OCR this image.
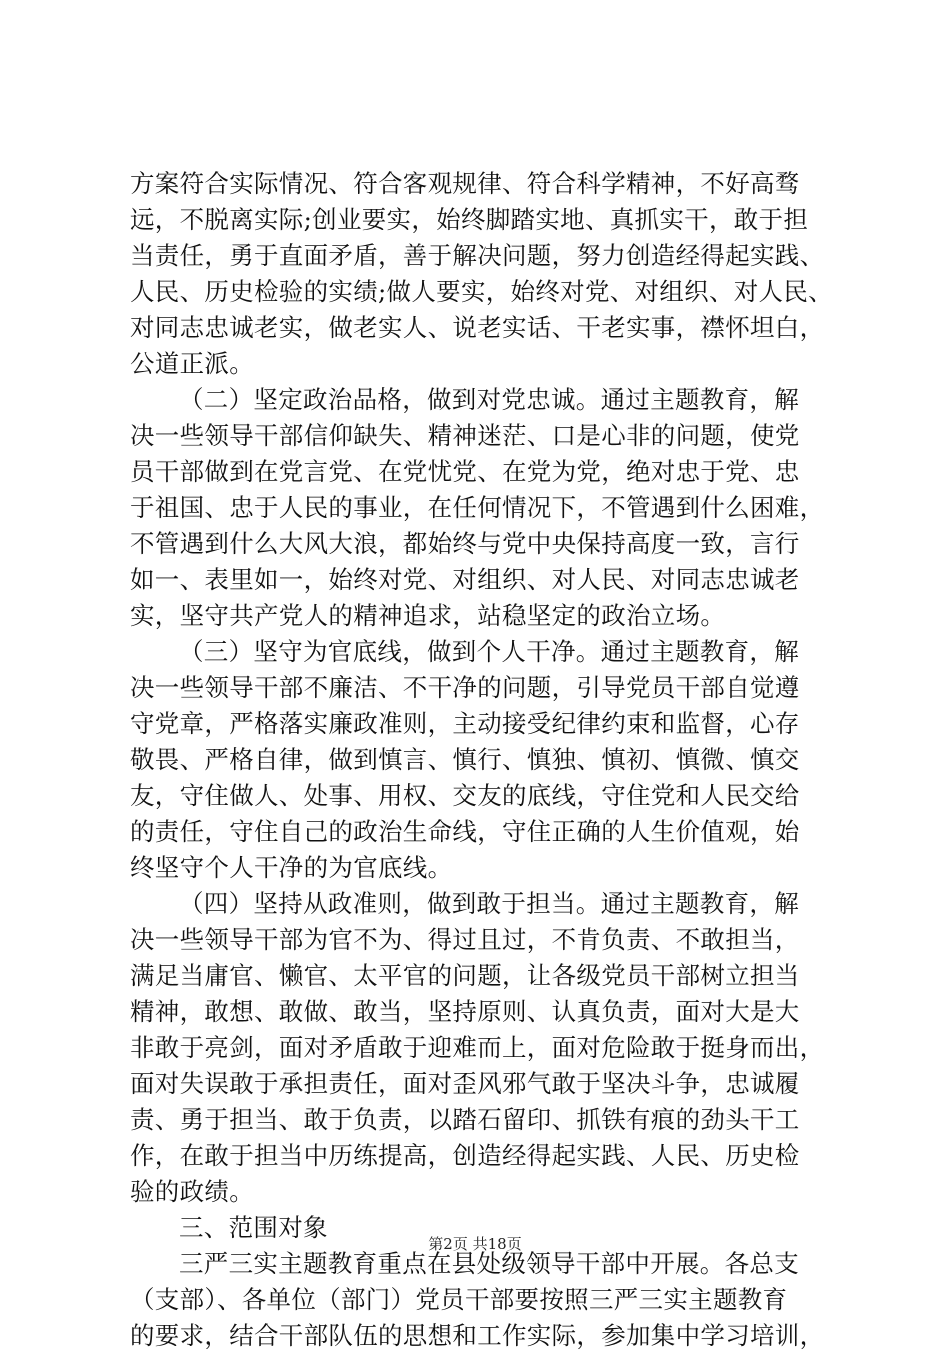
方案符合实际情况、符合客观规律、符合科学精神，不好高骛
远，不脱离实际;创业要实，始终脚踏实地、真抓实干，敢于担
当责任，勇于直面矛盾，善于解决问题，努力创造经得起实践、
人民、历史检验的实绩;做人要实，始终对党、对组织、对人民、
对同志忠诚老实，做老实人、说老实话、干老实事，襟怀坦白，
公道正派。
（二）坚定政治品格，做到对党忠诚。通过主题教育，解
决一些领导干部信仰缺失、精神迷茫、口是心非的问题，使党
员干部做到在党言党、在党忧党、在党为党，绝对忠于党、忠
于祖国、忠于人民的事业，在任何情况下，不管遇到什么困难，
不管遇到什么大风大浪，都始终与党中央保持高度一致，言行
如一、表里如一，始终对党、对组织、对人民、对同志忠诚老
实，坚守共产党人的精神追求，站稳坚定的政治立场。
（三）坚守为官底线，做到个人干净。通过主题教育，解
决一些领导干部不廉洁、不干净的问题，引导党员干部自觉遵
守党章，严格落实廉政准则，主动接受纪律约束和监督，心存
敬畏、严格自律，做到慎言、慎行、慎独、慎初、慎微、慎交
友，守住做人、处事、用权、交友的底线，守住党和人民交给
的责任，守住自己的政治生命线，守住正确的人生价值观，始
终坚守个人干净的为官底线。
（四）坚持从政准则，做到敢于担当。通过主题教育，解
决一些领导干部为官不为、得过且过，不肯负责、不敢担当，
满足当庸官、懒官、太平官的问题，让各级党员干部树立担当
精神，敢想、敢做、敢当，坚持原则、认真负责，面对大是大
非敢于亮剑，面对矛盾敢于迎难而上，面对危险敢于挺身而出，
面对失误敢于承担责任，面对歪风邪气敢于坚决斗争，忠诚履
责、勇于担当、敢于负责，以踏石留印、抓铁有痕的劲头干工
作，在敢于担当中历练提高，创造经得起实践、人民、历史检
验的政绩。
三、范围对象
三严三实主题教育重点在县处级领导干部中开展。各总支
（支部）、各单位（部门）党员干部要按照三严三实主题教育
的要求，结合干部队伍的思想和工作实际，参加集中学习培训，
第2页 共18页
